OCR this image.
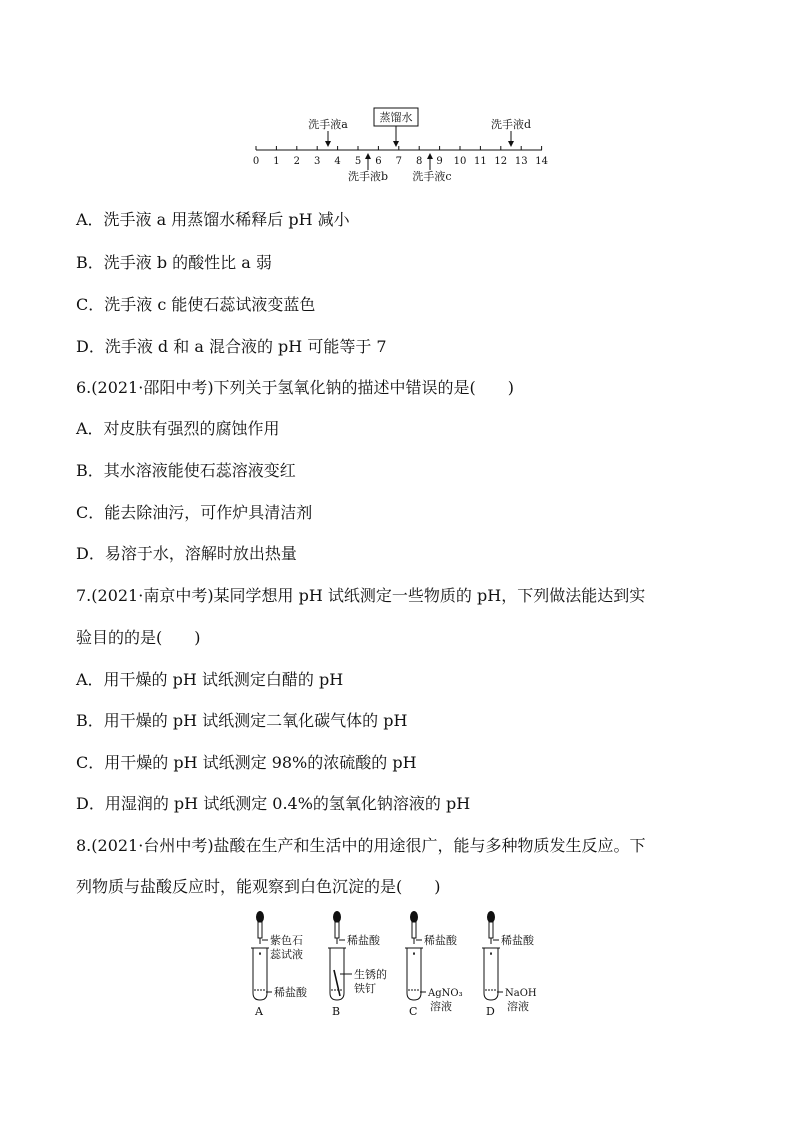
0 1 2 3 4 5 6 7 8 9 10 11 12 13 14
蒸馏水
洗手液a	洗手液d
洗手液b 洗手液c
A．洗手液 a 用蒸馏水稀释后 pH 减小
B．洗手液 b 的酸性比 a 弱
C．洗手液 c 能使石蕊试液变蓝色
D．洗手液 d 和 a 混合液的 pH 可能等于 7
6.(2021·邵阳中考)下列关于氢氧化钠的描述中错误的是(　　)
A．对皮肤有强烈的腐蚀作用
B．其水溶液能使石蕊溶液变红
C．能去除油污，可作炉具清洁剂
D．易溶于水，溶解时放出热量
7.(2021·南京中考)某同学想用 pH 试纸测定一些物质的 pH，下列做法能达到实
验目的的是(　　)
A．用干燥的 pH 试纸测定白醋的 pH
B．用干燥的 pH 试纸测定二氧化碳气体的 pH
C．用干燥的 pH 试纸测定 98%的浓硫酸的 pH
D．用湿润的 pH 试纸测定 0.4%的氢氧化钠溶液的 pH
8.(2021·台州中考)盐酸在生产和生活中的用途很广，能与多种物质发生反应。下
列物质与盐酸反应时，能观察到白色沉淀的是(　　)
紫色石
蕊试液
稀盐酸
A
稀盐酸
生锈的
铁钉
B
稀盐酸
AgNO₃
溶液
C
稀盐酸
NaOH
溶液
D
